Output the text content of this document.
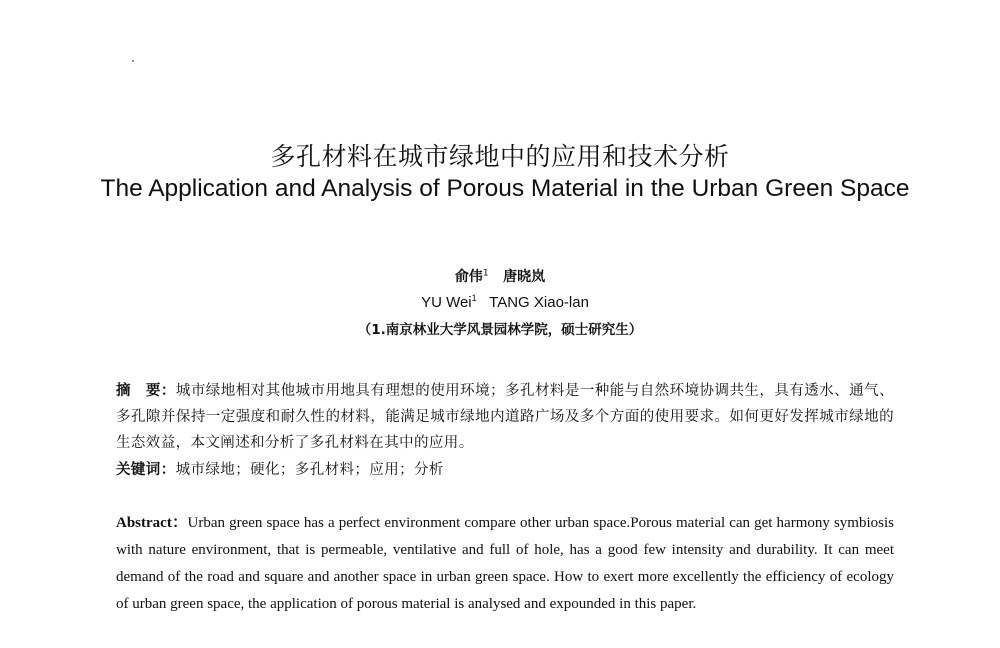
多孔材料在城市绿地中的应用和技术分析
The Application and Analysis of Porous Material in the Urban Green Space
俞伟$^1$ 唐晓岚
YU Wei$^1$ TANG Xiao-lan
（1.南京林业大学风景园林学院，硕士研究生）
摘　要：城市绿地相对其他城市用地具有理想的使用环境；多孔材料是一种能与自然环境协调共生，具有透水、通气、多孔隙并保持一定强度和耐久性的材料，能满足城市绿地内道路广场及多个方面的使用要求。如何更好发挥城市绿地的生态效益，本文阐述和分析了多孔材料在其中的应用。
关键词：城市绿地；硬化；多孔材料；应用；分析
Abstract：Urban green space has a perfect environment compare other urban space.Porous material can get harmony symbiosis with nature environment, that is permeable, ventilative and full of hole, has a good few intensity and durability. It can meet demand of the road and square and another space in urban green space. How to exert more excellently the efficiency of ecology of urban green space, the application of porous material is analysed and expounded in this paper.
